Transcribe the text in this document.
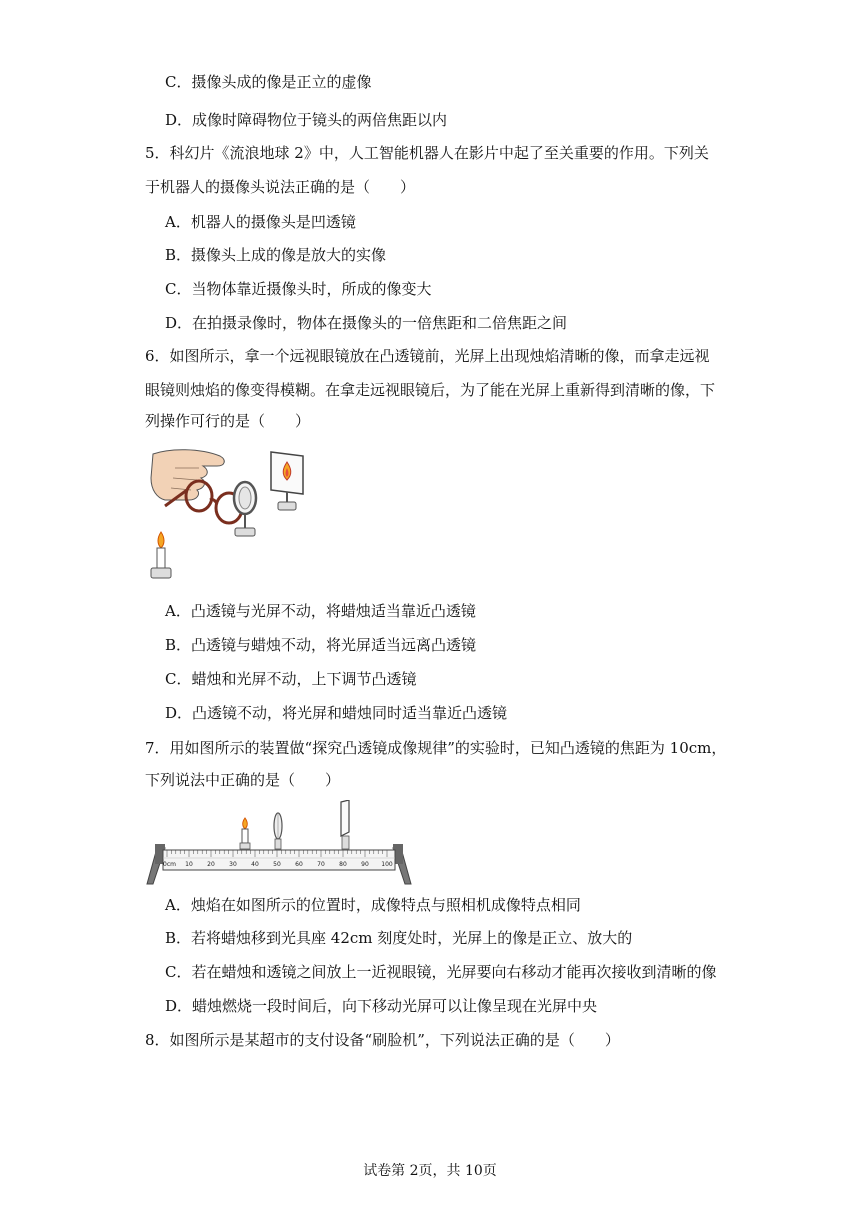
C．摄像头成的像是正立的虚像
D．成像时障碍物位于镜头的两倍焦距以内
5．科幻片《流浪地球 2》中，人工智能机器人在影片中起了至关重要的作用。下列关
于机器人的摄像头说法正确的是（　　）
A．机器人的摄像头是凹透镜
B．摄像头上成的像是放大的实像
C．当物体靠近摄像头时，所成的像变大
D．在拍摄录像时，物体在摄像头的一倍焦距和二倍焦距之间
6．如图所示，拿一个远视眼镜放在凸透镜前，光屏上出现烛焰清晰的像，而拿走远视
眼镜则烛焰的像变得模糊。在拿走远视眼镜后，为了能在光屏上重新得到清晰的像，下
列操作可行的是（　　）
A．凸透镜与光屏不动，将蜡烛适当靠近凸透镜
B．凸透镜与蜡烛不动，将光屏适当远离凸透镜
C．蜡烛和光屏不动，上下调节凸透镜
D．凸透镜不动，将光屏和蜡烛同时适当靠近凸透镜
7．用如图所示的装置做“探究凸透镜成像规律”的实验时，已知凸透镜的焦距为 10cm，
下列说法中正确的是（　　）
0cm 10 20 30 40 50 60 70 80 90 100
A．烛焰在如图所示的位置时，成像特点与照相机成像特点相同
B．若将蜡烛移到光具座 42cm 刻度处时，光屏上的像是正立、放大的
C．若在蜡烛和透镜之间放上一近视眼镜，光屏要向右移动才能再次接收到清晰的像
D．蜡烛燃烧一段时间后，向下移动光屏可以让像呈现在光屏中央
8．如图所示是某超市的支付设备“刷脸机”，下列说法正确的是（　　）
试卷第 2页，共 10页
